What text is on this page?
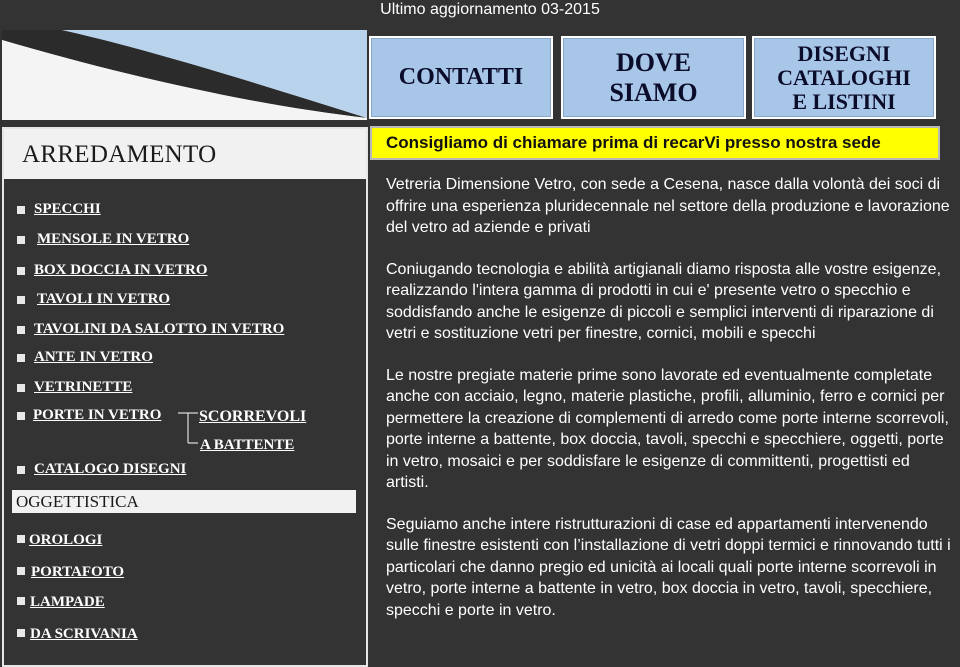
Ultimo aggiornamento 03-2015
CONTATTI
DOVE
SIAMO
DISEGNI
CATALOGHI
E LISTINI
ARREDAMENTO
SPECCHI
MENSOLE IN VETRO
BOX DOCCIA IN VETRO
TAVOLI IN VETRO
TAVOLINI DA SALOTTO IN VETRO
ANTE IN VETRO
VETRINETTE
PORTE IN VETRO SCORREVOLI
A BATTENTE
CATALOGO DISEGNI
OGGETTISTICA
OROLOGI
PORTAFOTO
LAMPADE
DA SCRIVANIA
Consigliamo di chiamare prima di recarVi presso nostra sede

Vetreria Dimensione Vetro, con sede a Cesena, nasce dalla volontà dei soci di offrire una esperienza pluridecennale nel settore della produzione e lavorazione del vetro ad aziende e privati

Coniugando tecnologia e abilità artigianali diamo risposta alle vostre esigenze, realizzando l'intera gamma di prodotti in cui e' presente vetro o specchio e soddisfando anche le esigenze di piccoli e semplici interventi di riparazione di vetri e sostituzione vetri per finestre, cornici, mobili e specchi

Le nostre pregiate materie prime sono lavorate ed eventualmente completate anche con acciaio, legno, materie plastiche, profili, alluminio, ferro e cornici per permettere la creazione di complementi di arredo come porte interne scorrevoli, porte interne a battente, box doccia, tavoli, specchi e specchiere, oggetti, porte in vetro, mosaici e per soddisfare le esigenze di committenti, progettisti ed artisti.

Seguiamo anche intere ristrutturazioni di case ed appartamenti intervenendo sulle finestre esistenti con l’installazione di vetri doppi termici e rinnovando tutti i particolari che danno pregio ed unicità ai locali quali porte interne scorrevoli in vetro, porte interne a battente in vetro, box doccia in vetro, tavoli, specchiere, specchi e porte in vetro.
